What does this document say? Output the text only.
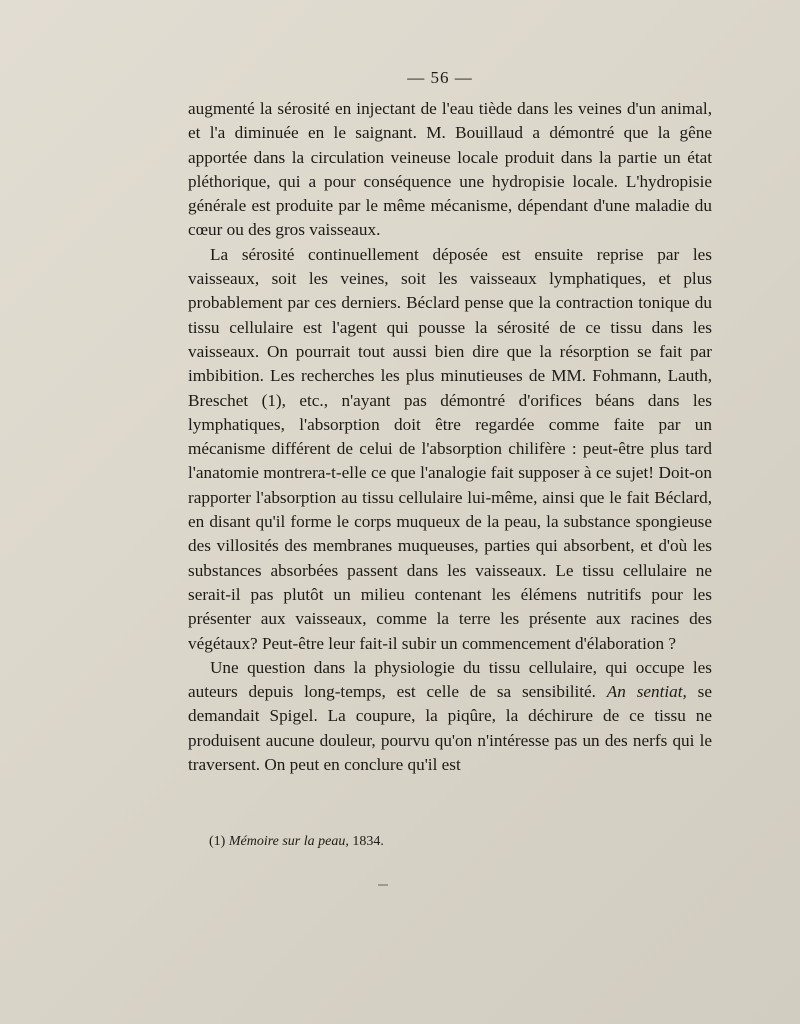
— 56 —

augmenté la sérosité en injectant de l'eau tiède dans les veines d'un animal, et l'a diminuée en le saignant. M. Bouillaud a démontré que la gêne apportée dans la circulation veineuse locale produit dans la partie un état pléthorique, qui a pour conséquence une hydropisie locale. L'hydropisie générale est produite par le même mécanisme, dépendant d'une maladie du cœur ou des gros vaisseaux.

La sérosité continuellement déposée est ensuite reprise par les vaisseaux, soit les veines, soit les vaisseaux lymphatiques, et plus probablement par ces derniers. Béclard pense que la contraction tonique du tissu cellulaire est l'agent qui pousse la sérosité de ce tissu dans les vaisseaux. On pourrait tout aussi bien dire que la résorption se fait par imbibition. Les recherches les plus minutieuses de MM. Fohmann, Lauth, Breschet (1), etc., n'ayant pas démontré d'orifices béans dans les lymphatiques, l'absorption doit être regardée comme faite par un mécanisme différent de celui de l'absorption chilifère : peut-être plus tard l'anatomie montrera-t-elle ce que l'analogie fait supposer à ce sujet! Doit-on rapporter l'absorption au tissu cellulaire lui-même, ainsi que le fait Béclard, en disant qu'il forme le corps muqueux de la peau, la substance spongieuse des villosités des membranes muqueuses, parties qui absorbent, et d'où les substances absorbées passent dans les vaisseaux. Le tissu cellulaire ne serait-il pas plutôt un milieu contenant les élémens nutritifs pour les présenter aux vaisseaux, comme la terre les présente aux racines des végétaux? Peut-être leur fait-il subir un commencement d'élaboration ?

Une question dans la physiologie du tissu cellulaire, qui occupe les auteurs depuis long-temps, est celle de sa sensibilité. An sentiat, se demandait Spigel. La coupure, la piqûre, la déchirure de ce tissu ne produisent aucune douleur, pourvu qu'on n'intéresse pas un des nerfs qui le traversent. On peut en conclure qu'il est

(1) Mémoire sur la peau, 1834.
